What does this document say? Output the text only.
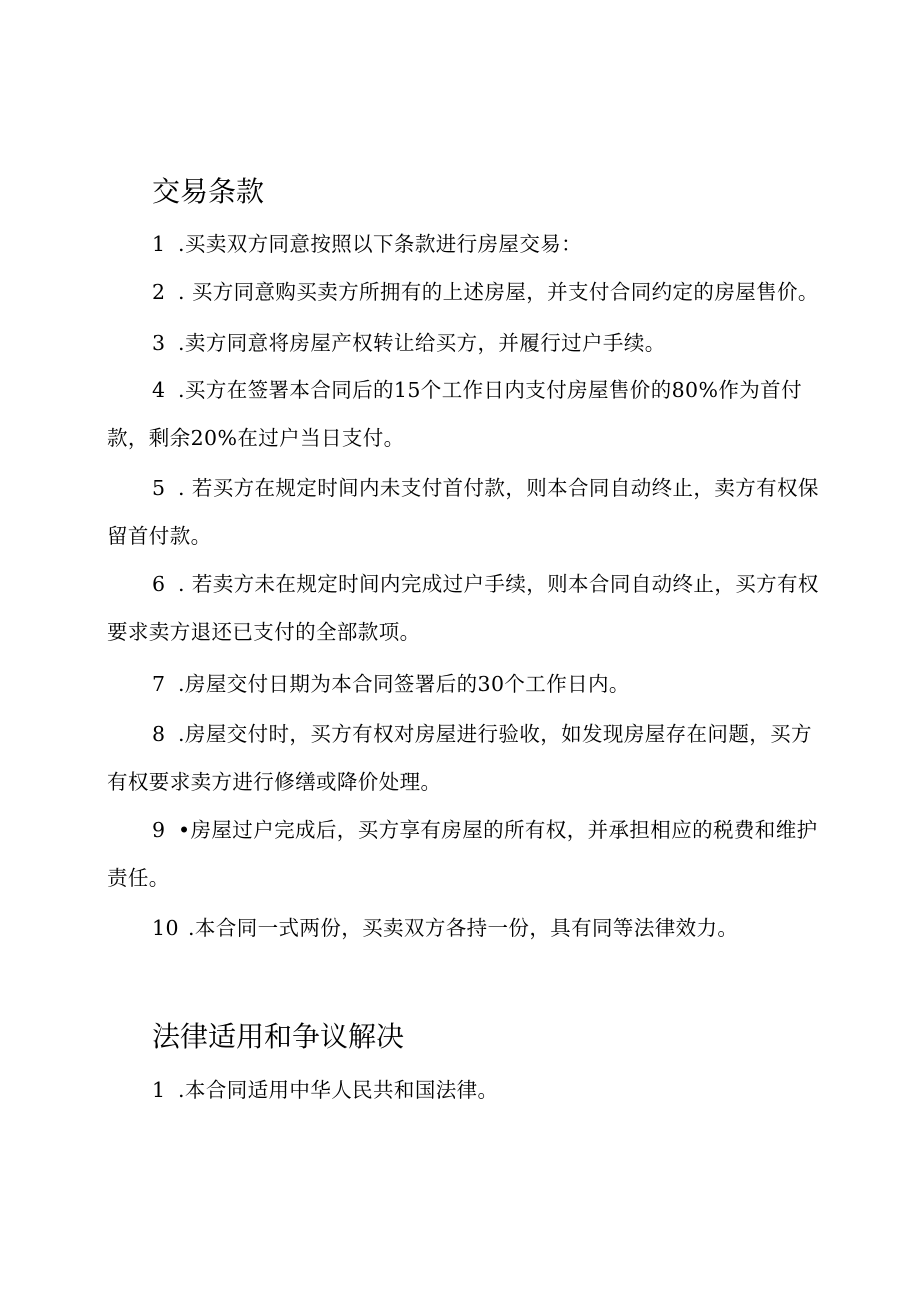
交易条款

1 .买卖双方同意按照以下条款进行房屋交易：

2 . 买方同意购买卖方所拥有的上述房屋，并支付合同约定的房屋售价。

3 .卖方同意将房屋产权转让给买方，并履行过户手续。

4 .买方在签署本合同后的15个工作日内支付房屋售价的80%作为首付款，剩余20%在过户当日支付。

5 . 若买方在规定时间内未支付首付款，则本合同自动终止，卖方有权保留首付款。

6 . 若卖方未在规定时间内完成过户手续，则本合同自动终止，买方有权要求卖方退还已支付的全部款项。

7 .房屋交付日期为本合同签署后的30个工作日内。

8 .房屋交付时，买方有权对房屋进行验收，如发现房屋存在问题，买方有权要求卖方进行修缮或降价处理。

9 •房屋过户完成后，买方享有房屋的所有权，并承担相应的税费和维护责任。

10 .本合同一式两份，买卖双方各持一份，具有同等法律效力。

法律适用和争议解决

1 .本合同适用中华人民共和国法律。
